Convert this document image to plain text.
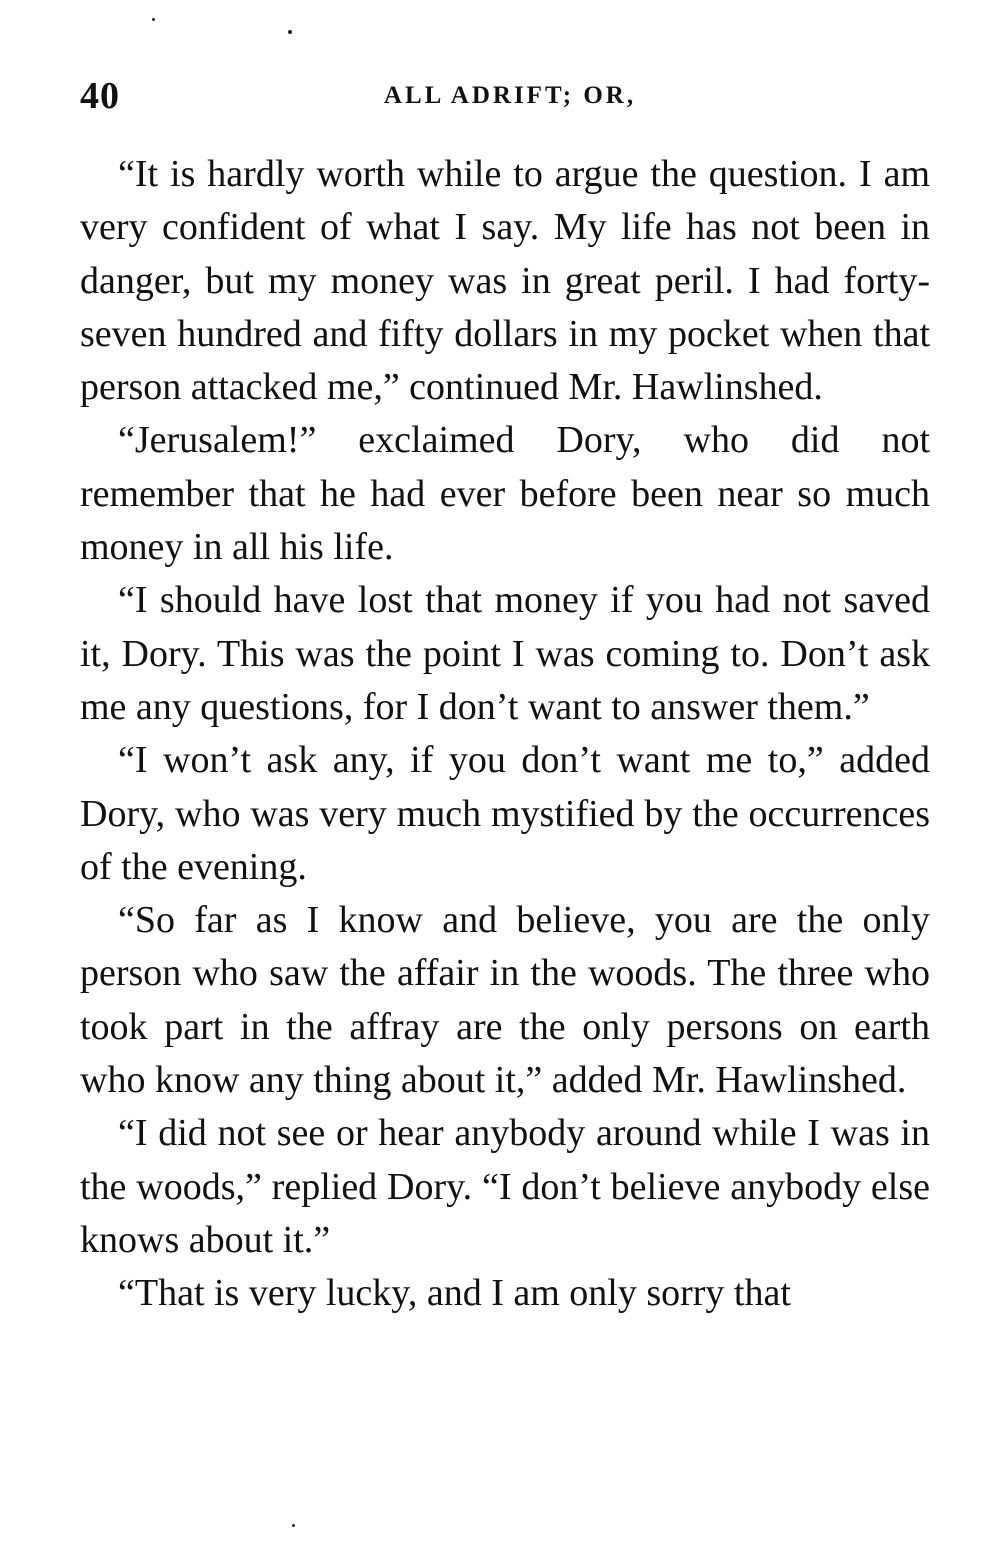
40	ALL ADRIFT; OR,

“It is hardly worth while to argue the question. I am very confident of what I say. My life has not been in danger, but my money was in great peril. I had forty-seven hundred and fifty dollars in my pocket when that person attacked me,” continued Mr. Hawlinshed.

“Jerusalem!” exclaimed Dory, who did not remember that he had ever before been near so much money in all his life.

“I should have lost that money if you had not saved it, Dory. This was the point I was coming to. Don’t ask me any questions, for I don’t want to answer them.”

“I won’t ask any, if you don’t want me to,” added Dory, who was very much mystified by the occurrences of the evening.

“So far as I know and believe, you are the only person who saw the affair in the woods. The three who took part in the affray are the only persons on earth who know any thing about it,” added Mr. Hawlinshed.

“I did not see or hear anybody around while I was in the woods,” replied Dory. “I don’t believe anybody else knows about it.”

“That is very lucky, and I am only sorry that
